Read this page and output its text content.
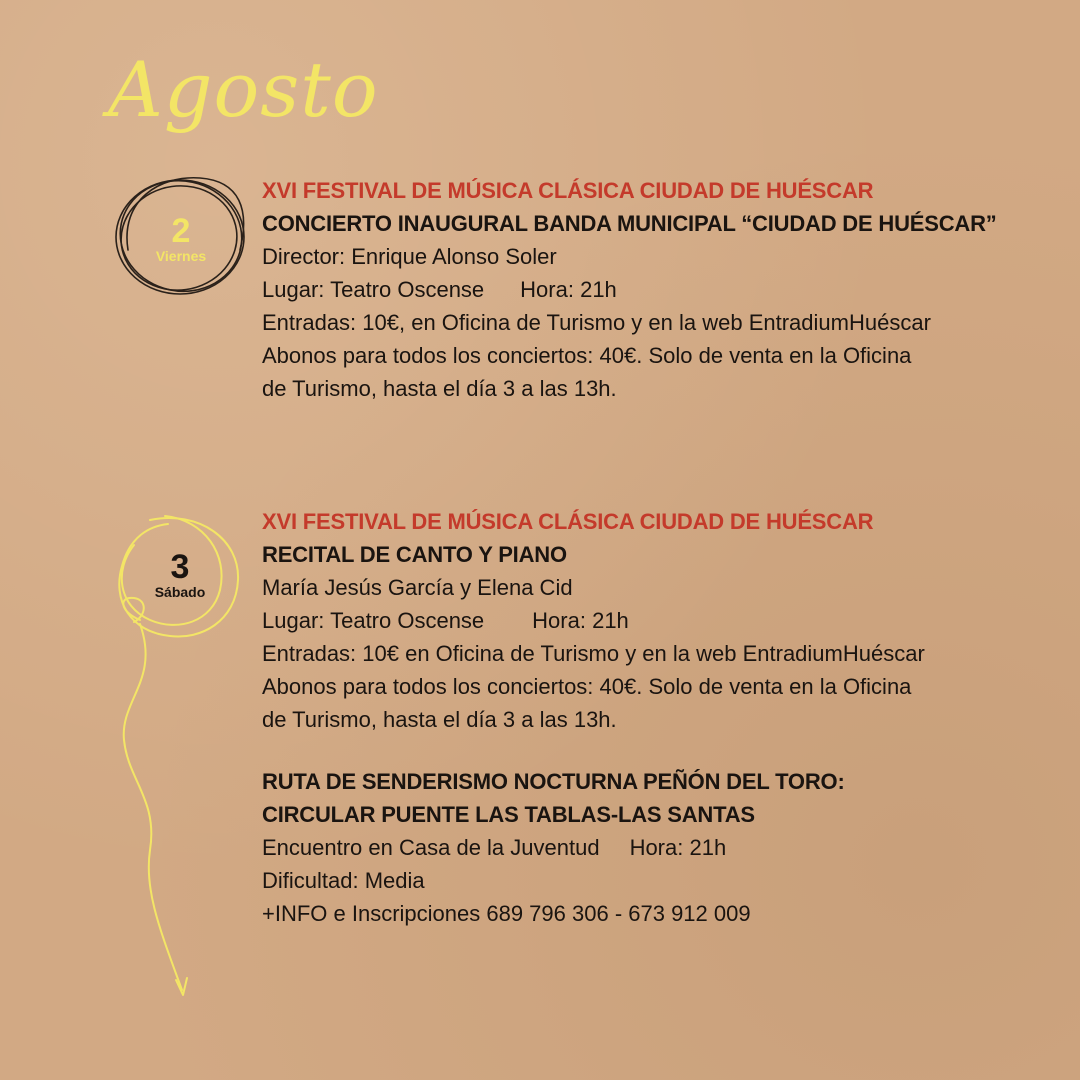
Agosto
2
Viernes
3
Sábado
XVI FESTIVAL DE MÚSICA CLÁSICA CIUDAD DE HUÉSCAR
CONCIERTO INAUGURAL BANDA MUNICIPAL “CIUDAD DE HUÉSCAR”
Director: Enrique Alonso Soler
Lugar: Teatro Oscense Hora: 21h
Entradas: 10€, en Oficina de Turismo y en la web EntradiumHuéscar
Abonos para todos los conciertos: 40€. Solo de venta en la Oficina
de Turismo, hasta el día 3 a las 13h.
XVI FESTIVAL DE MÚSICA CLÁSICA CIUDAD DE HUÉSCAR
RECITAL DE CANTO Y PIANO
María Jesús García y Elena Cid
Lugar: Teatro Oscense Hora: 21h
Entradas: 10€ en Oficina de Turismo y en la web EntradiumHuéscar
Abonos para todos los conciertos: 40€. Solo de venta en la Oficina
de Turismo, hasta el día 3 a las 13h.
RUTA DE SENDERISMO NOCTURNA PEÑÓN DEL TORO:
CIRCULAR PUENTE LAS TABLAS-LAS SANTAS
Encuentro en Casa de la Juventud Hora: 21h
Dificultad: Media
+INFO e Inscripciones 689 796 306 - 673 912 009
